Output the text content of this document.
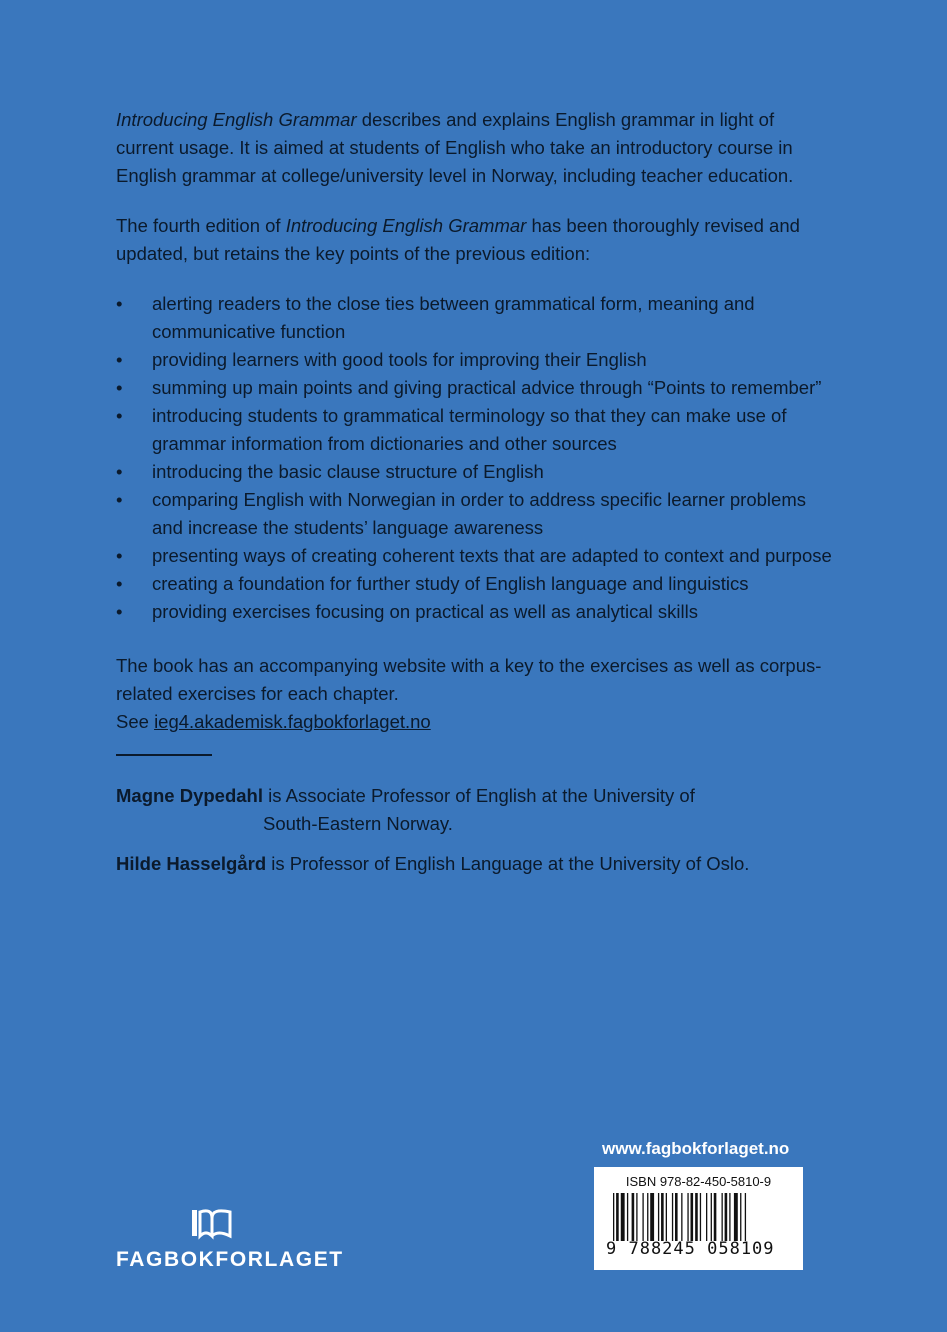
Introducing English Grammar describes and explains English grammar in light of current usage. It is aimed at students of English who take an introductory course in English grammar at college/university level in Norway, including teacher education.

The fourth edition of Introducing English Grammar has been thoroughly revised and updated, but retains the key points of the previous edition:

• alerting readers to the close ties between grammatical form, meaning and communicative function
• providing learners with good tools for improving their English
• summing up main points and giving practical advice through “Points to remember”
• introducing students to grammatical terminology so that they can make use of grammar information from dictionaries and other sources
• introducing the basic clause structure of English
• comparing English with Norwegian in order to address specific learner problems and increase the students’ language awareness
• presenting ways of creating coherent texts that are adapted to context and purpose
• creating a foundation for further study of English language and linguistics
• providing exercises focusing on practical as well as analytical skills

The book has an accompanying website with a key to the exercises as well as corpus-related exercises for each chapter.
See ieg4.akademisk.fagbokforlaget.no

Magne Dypedahl is Associate Professor of English at the University of
South-Eastern Norway.

Hilde Hasselgård is Professor of English Language at the University of Oslo.

www.fagbokforlaget.no
ISBN 978-82-450-5810-9
9 788245 058109
FAGBOKFORLAGET
